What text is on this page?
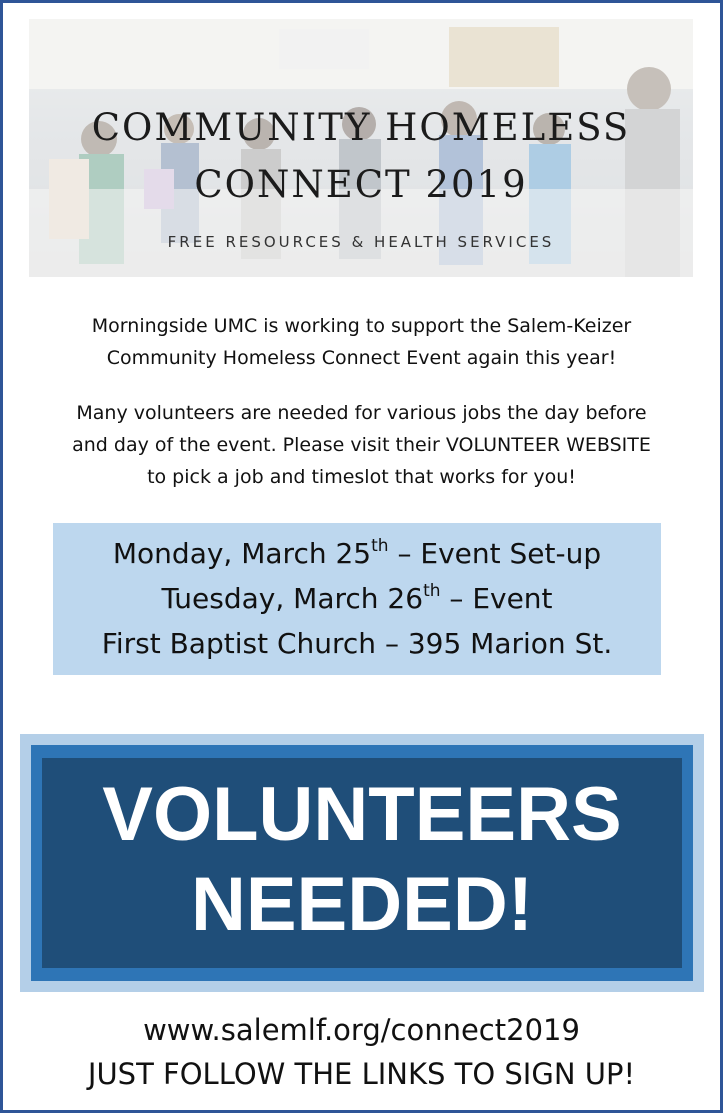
COMMUNITY HOMELESS
CONNECT 2019
FREE RESOURCES & HEALTH SERVICES
Morningside UMC is working to support the Salem-Keizer
Community Homeless Connect Event again this year!
Many volunteers are needed for various jobs the day before
and day of the event. Please visit their VOLUNTEER WEBSITE
to pick a job and timeslot that works for you!
Monday, March 25th – Event Set-up
Tuesday, March 26th – Event
First Baptist Church – 395 Marion St.
VOLUNTEERS
NEEDED!
www.salemlf.org/connect2019
JUST FOLLOW THE LINKS TO SIGN UP!
